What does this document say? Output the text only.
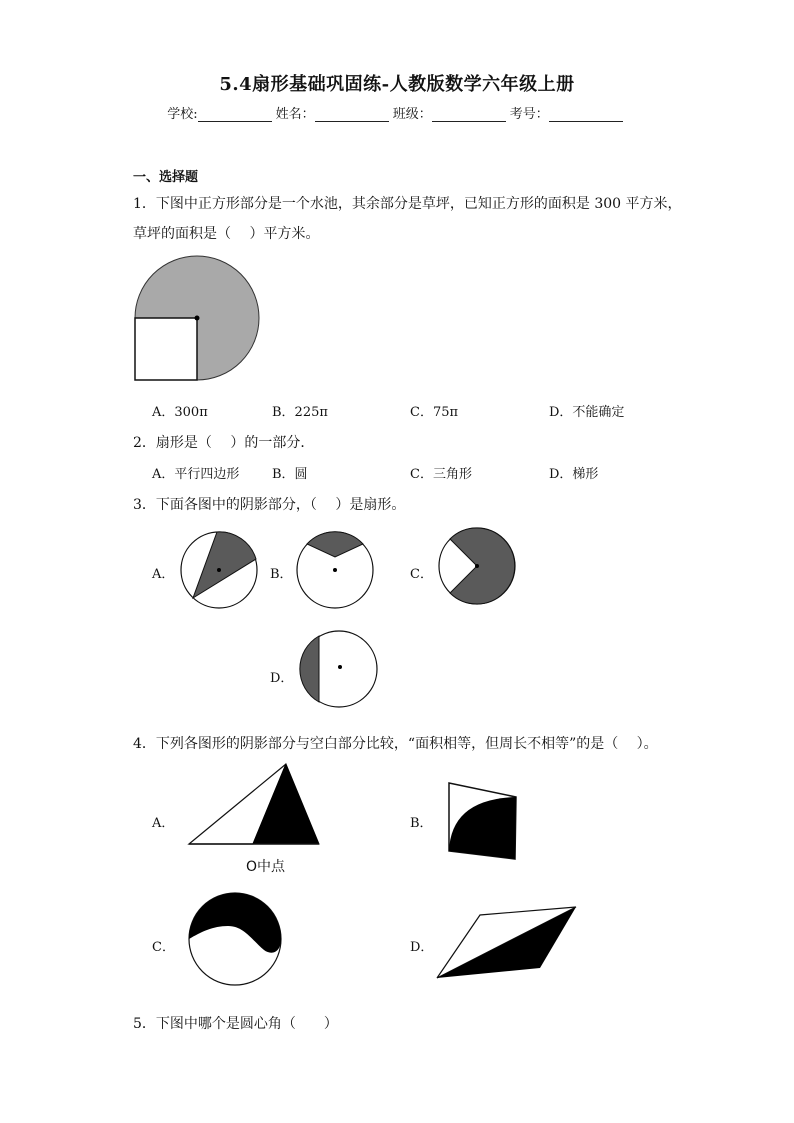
5.4扇形基础巩固练-人教版数学六年级上册
学校:	姓名：	班级：	考号：
一、选择题
1．下图中正方形部分是一个水池，其余部分是草坪，已知正方形的面积是 300 平方米，
草坪的面积是（　 ）平方米。
A．300π	B．225π	C．75π	D．不能确定
2．扇形是（　 ）的一部分．
A．平行四边形	B．圆	C．三角形	D．梯形
3．下面各图中的阴影部分，（　 ）是扇形。
A．	B．	C．
D．
4．下列各图形的阴影部分与空白部分比较，“面积相等，但周长不相等”的是（　 ）。
A．
O中点
B．
C．	D．
5．下图中哪个是圆心角（　　）
